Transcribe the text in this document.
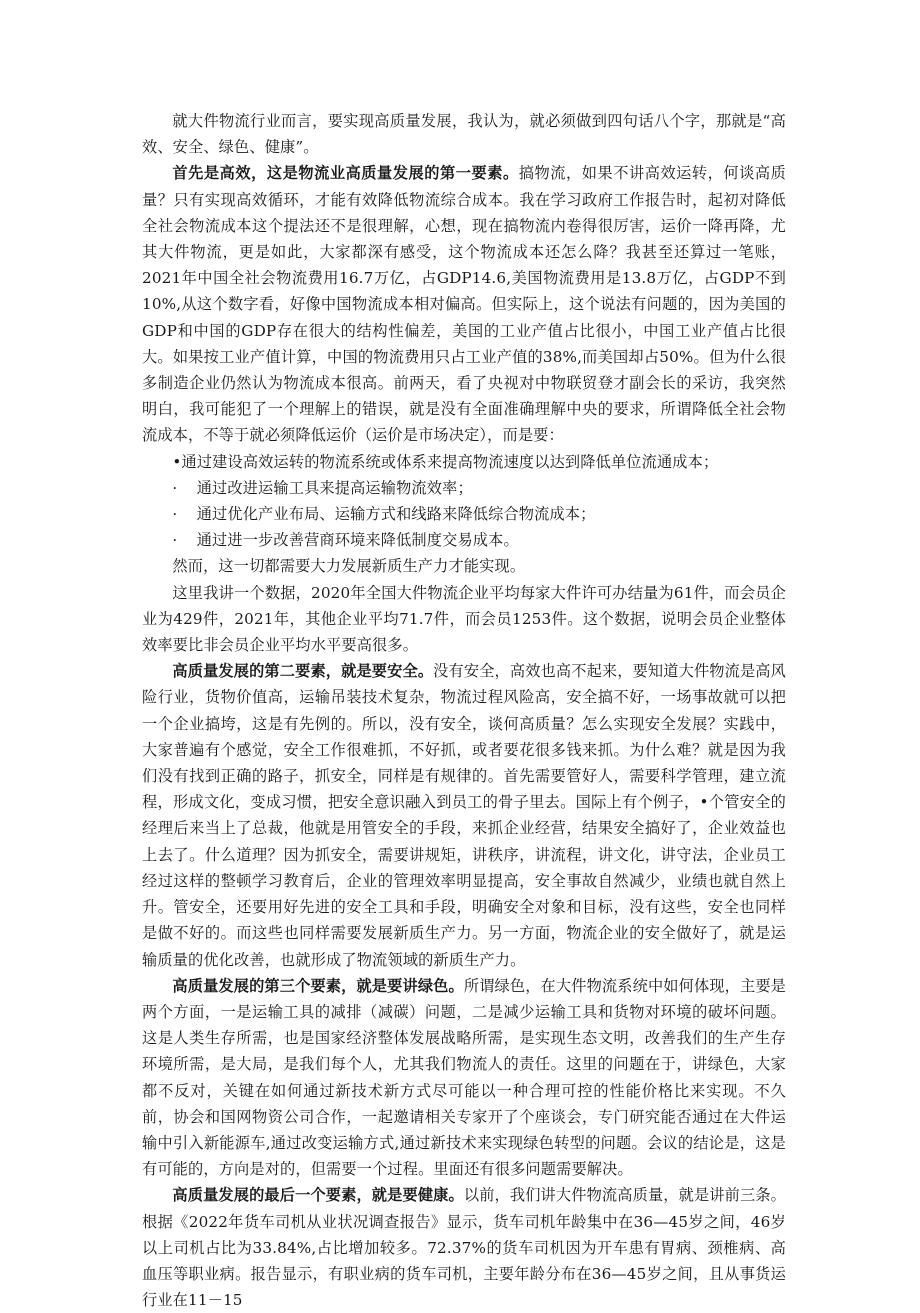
就大件物流行业而言，要实现高质量发展，我认为，就必须做到四句话八个字，那就是“高效、安全、绿色、健康”。

首先是高效，这是物流业高质量发展的第一要素。搞物流，如果不讲高效运转，何谈高质量？只有实现高效循环，才能有效降低物流综合成本。我在学习政府工作报告时，起初对降低全社会物流成本这个提法还不是很理解，心想，现在搞物流内卷得很厉害，运价一降再降，尤其大件物流，更是如此，大家都深有感受，这个物流成本还怎么降？我甚至还算过一笔账，2021年中国全社会物流费用16.7万亿，占GDP14.6,美国物流费用是13.8万亿，占GDP不到10%,从这个数字看，好像中国物流成本相对偏高。但实际上，这个说法有问题的，因为美国的GDP和中国的GDP存在很大的结构性偏差，美国的工业产值占比很小，中国工业产值占比很大。如果按工业产值计算，中国的物流费用只占工业产值的38%,而美国却占50%。但为什么很多制造企业仍然认为物流成本很高。前两天，看了央视对中物联贸登才副会长的采访，我突然明白，我可能犯了一个理解上的错误，就是没有全面准确理解中央的要求，所谓降低全社会物流成本，不等于就必须降低运价（运价是市场决定），而是要：

•通过建设高效运转的物流系统或体系来提高物流速度以达到降低单位流通成本；
· 通过改进运输工具来提高运输物流效率；
· 通过优化产业布局、运输方式和线路来降低综合物流成本；
· 通过进一步改善营商环境来降低制度交易成本。

然而，这一切都需要大力发展新质生产力才能实现。

这里我讲一个数据，2020年全国大件物流企业平均每家大件许可办结量为61件，而会员企业为429件，2021年，其他企业平均71.7件，而会员1253件。这个数据，说明会员企业整体效率要比非会员企业平均水平要高很多。

高质量发展的第二要素，就是要安全。没有安全，高效也高不起来，要知道大件物流是高风险行业，货物价值高，运输吊装技术复杂，物流过程风险高，安全搞不好，一场事故就可以把一个企业搞垮，这是有先例的。所以，没有安全，谈何高质量？怎么实现安全发展？实践中，大家普遍有个感觉，安全工作很难抓，不好抓，或者要花很多钱来抓。为什么难？就是因为我们没有找到正确的路子，抓安全，同样是有规律的。首先需要管好人，需要科学管理，建立流程，形成文化，变成习惯，把安全意识融入到员工的骨子里去。国际上有个例子，•个管安全的经理后来当上了总裁，他就是用管安全的手段，来抓企业经营，结果安全搞好了，企业效益也上去了。什么道理？因为抓安全，需要讲规矩，讲秩序，讲流程，讲文化，讲守法，企业员工经过这样的整顿学习教育后，企业的管理效率明显提高，安全事故自然减少，业绩也就自然上升。管安全，还要用好先进的安全工具和手段，明确安全对象和目标，没有这些，安全也同样是做不好的。而这些也同样需要发展新质生产力。另一方面，物流企业的安全做好了，就是运输质量的优化改善，也就形成了物流领域的新质生产力。

高质量发展的第三个要素，就是要讲绿色。所谓绿色，在大件物流系统中如何体现，主要是两个方面，一是运输工具的减排（减碳）问题，二是减少运输工具和货物对环境的破坏问题。这是人类生存所需，也是国家经济整体发展战略所需，是实现生态文明，改善我们的生产生存环境所需，是大局，是我们每个人，尤其我们物流人的责任。这里的问题在于，讲绿色，大家都不反对，关键在如何通过新技术新方式尽可能以一种合理可控的性能价格比来实现。不久前，协会和国网物资公司合作，一起邀请相关专家开了个座谈会，专门研究能否通过在大件运输中引入新能源车,通过改变运输方式,通过新技术来实现绿色转型的问题。会议的结论是，这是有可能的，方向是对的，但需要一个过程。里面还有很多问题需要解决。

高质量发展的最后一个要素，就是要健康。以前，我们讲大件物流高质量，就是讲前三条。根据《2022年货车司机从业状况调查报告》显示，货车司机年龄集中在36—45岁之间，46岁以上司机占比为33.84%,占比增加较多。72.37%的货车司机因为开车患有胃病、颈椎病、高血压等职业病。报告显示，有职业病的货车司机，主要年龄分布在36—45岁之间，且从事货运行业在11－15
